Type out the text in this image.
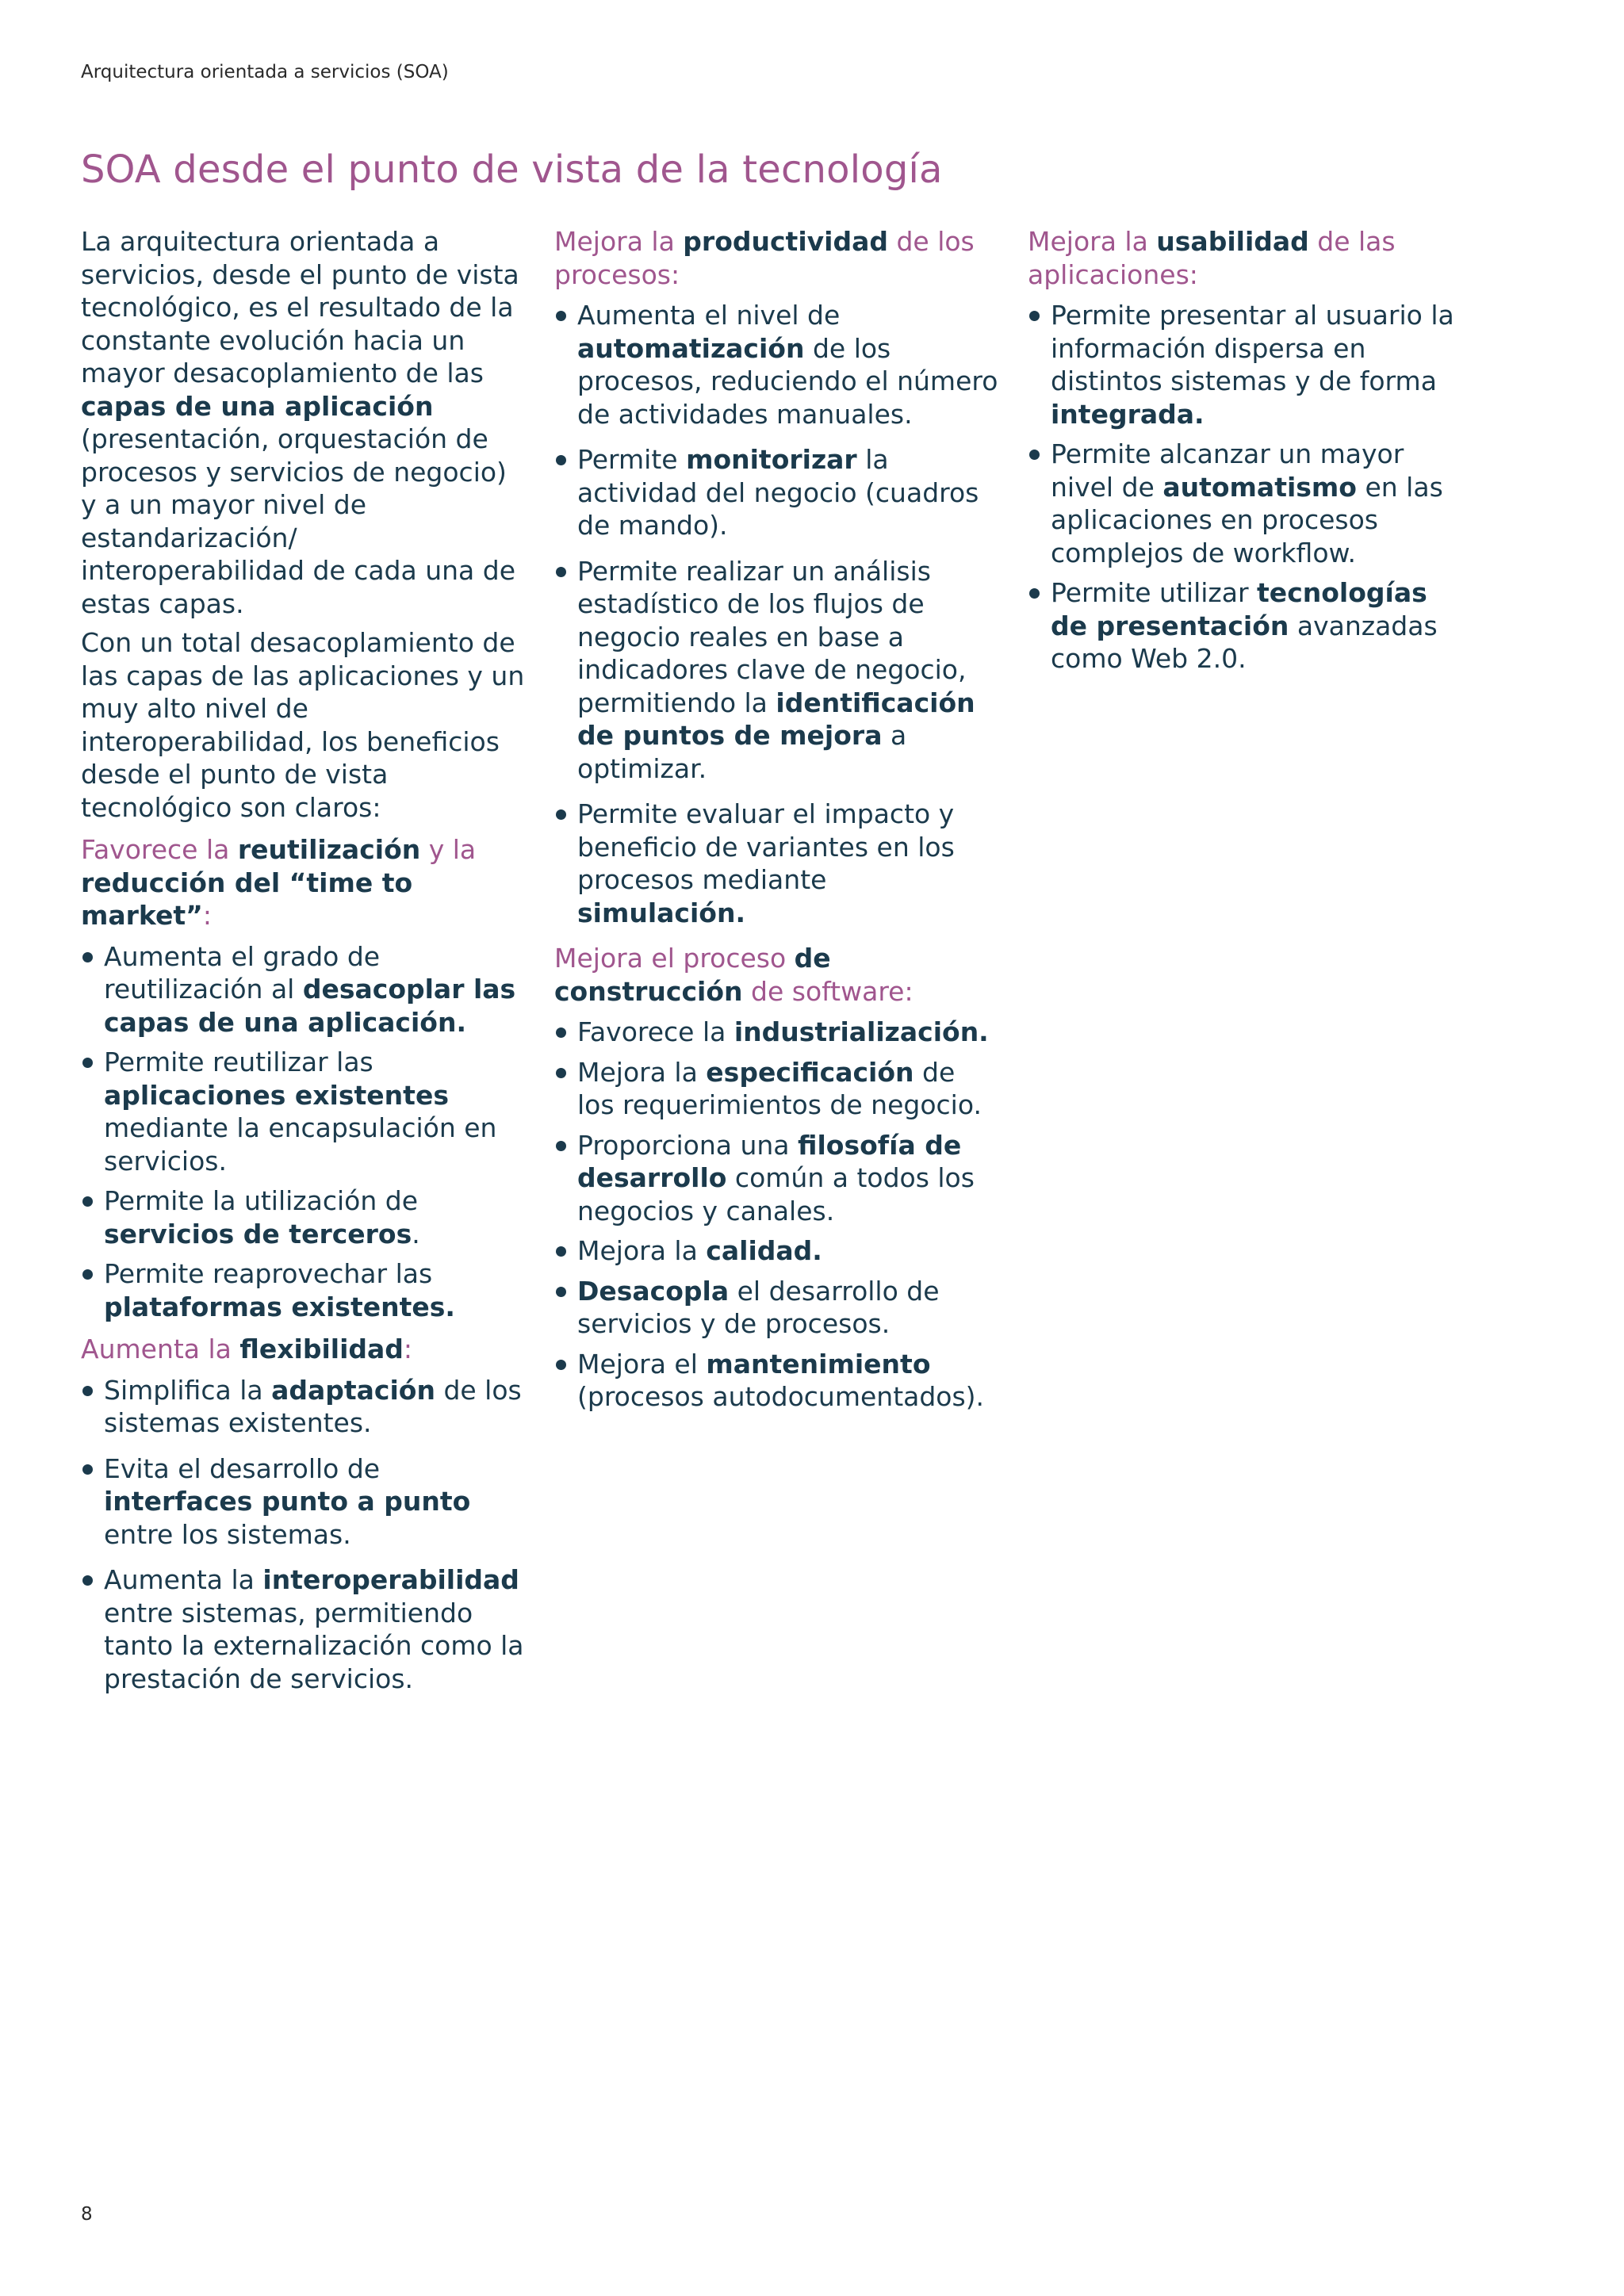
Arquitectura orientada a servicios (SOA)
SOA desde el punto de vista de la tecnología

La arquitectura orientada a servicios, desde el punto de vista tecnológico, es el resultado de la constante evolución hacia un mayor desacoplamiento de las capas de una aplicación (presentación, orquestación de procesos y servicios de negocio) y a un mayor nivel de estandarización/ interoperabilidad de cada una de estas capas.

Con un total desacoplamiento de las capas de las aplicaciones y un muy alto nivel de interoperabilidad, los beneficios desde el punto de vista tecnológico son claros:

Favorece la reutilización y la reducción del “time to market”:
Aumenta el grado de reutilización al desacoplar las capas de una aplicación.
Permite reutilizar las aplicaciones existentes mediante la encapsulación en servicios.
Permite la utilización de servicios de terceros.
Permite reaprovechar las plataformas existentes.
Aumenta la flexibilidad:
Simplifica la adaptación de los sistemas existentes.
Evita el desarrollo de interfaces punto a punto entre los sistemas.
Aumenta la interoperabilidad entre sistemas, permitiendo tanto la externalización como la prestación de servicios.
Mejora la productividad de los procesos:
Aumenta el nivel de automatización de los procesos, reduciendo el número de actividades manuales.
Permite monitorizar la actividad del negocio (cuadros de mando).
Permite realizar un análisis estadístico de los flujos de negocio reales en base a indicadores clave de negocio, permitiendo la identificación de puntos de mejora a optimizar.
Permite evaluar el impacto y beneficio de variantes en los procesos mediante simulación.
Mejora el proceso de construcción de software:
Favorece la industrialización.
Mejora la especificación de los requerimientos de negocio.
Proporciona una filosofía de desarrollo común a todos los negocios y canales.
Mejora la calidad.
Desacopla el desarrollo de servicios y de procesos.
Mejora el mantenimiento (procesos autodocumentados).
Mejora la usabilidad de las aplicaciones:
Permite presentar al usuario la información dispersa en distintos sistemas y de forma integrada.
Permite alcanzar un mayor nivel de automatismo en las aplicaciones en procesos complejos de workflow.
Permite utilizar tecnologías de presentación avanzadas como Web 2.0.
8
